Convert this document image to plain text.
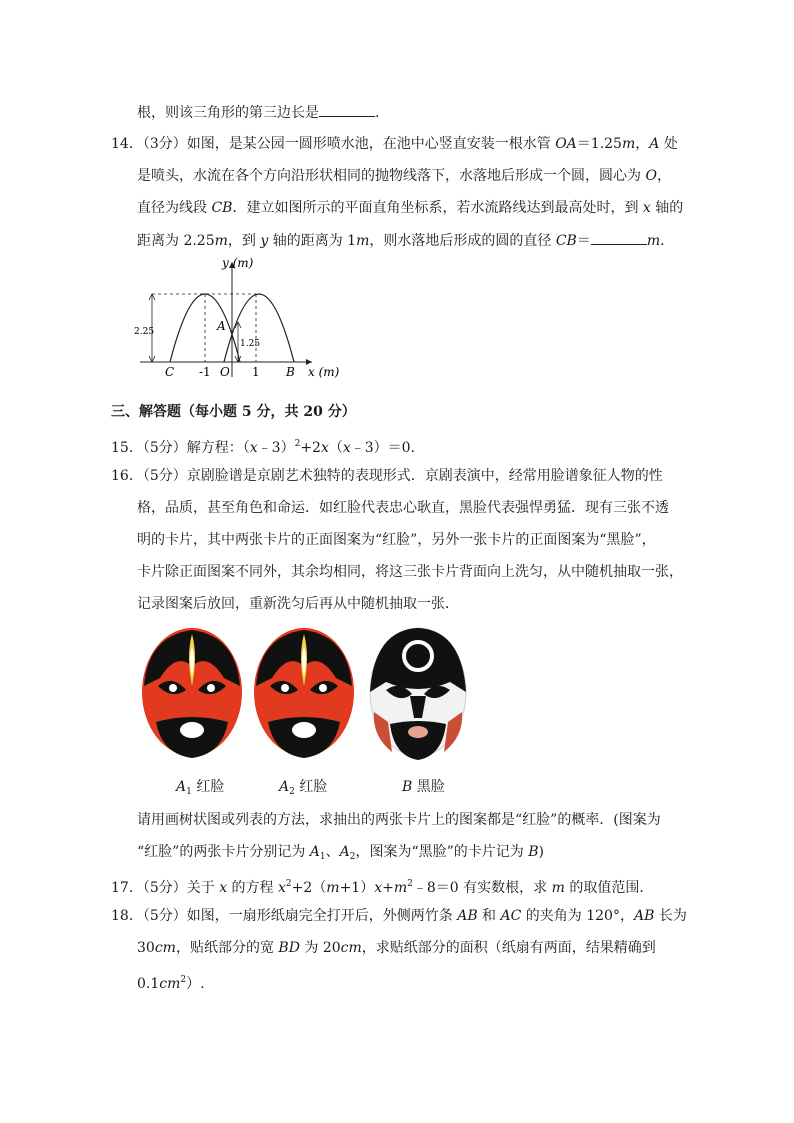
根，则该三角形的第三边长是	.
14．（3分）如图，是某公园一圆形喷水池，在池中心竖直安装一根水管 OA＝1.25m，A 处
是喷头，水流在各个方向沿形状相同的抛物线落下，水落地后形成一个圆，圆心为 O，
直径为线段 CB．建立如图所示的平面直角坐标系，若水流路线达到最高处时，到 x 轴的
距离为 2.25m，到 y 轴的距离为 1m，则水落地后形成的圆的直径 CB＝	m．
y (m)
x (m)
2.25
1.25
A
C -1 O 1 B
三、解答题（每小题 5 分，共 20 分）
15．（5分）解方程：（x﹣3）$^2$+2x（x﹣3）＝0．
16．（5分）京剧脸谱是京剧艺术独特的表现形式．京剧表演中，经常用脸谱象征人物的性
格，品质，甚至角色和命运．如红脸代表忠心耿直，黑脸代表强悍勇猛．现有三张不透
明的卡片，其中两张卡片的正面图案为“红脸”，另外一张卡片的正面图案为“黑脸”，
卡片除正面图案不同外，其余均相同，将这三张卡片背面向上洗匀，从中随机抽取一张，
记录图案后放回，重新洗匀后再从中随机抽取一张．
$A_1$ 红脸	$A_2$ 红脸	B 黑脸
请用画树状图或列表的方法，求抽出的两张卡片上的图案都是“红脸”的概率．(图案为
“红脸”的两张卡片分别记为 $A_1$、$A_2$，图案为“黑脸”的卡片记为 B)
17．（5分）关于 x 的方程 $x^2+2(m+1)x+m^2﹣8=0$ 有实数根，求 m 的取值范围．
18．（5分）如图，一扇形纸扇完全打开后，外侧两竹条 AB 和 AC 的夹角为 120°，AB 长为
30cm，贴纸部分的宽 BD 为 20cm，求贴纸部分的面积（纸扇有两面，结果精确到
$0.1cm^2$）.
